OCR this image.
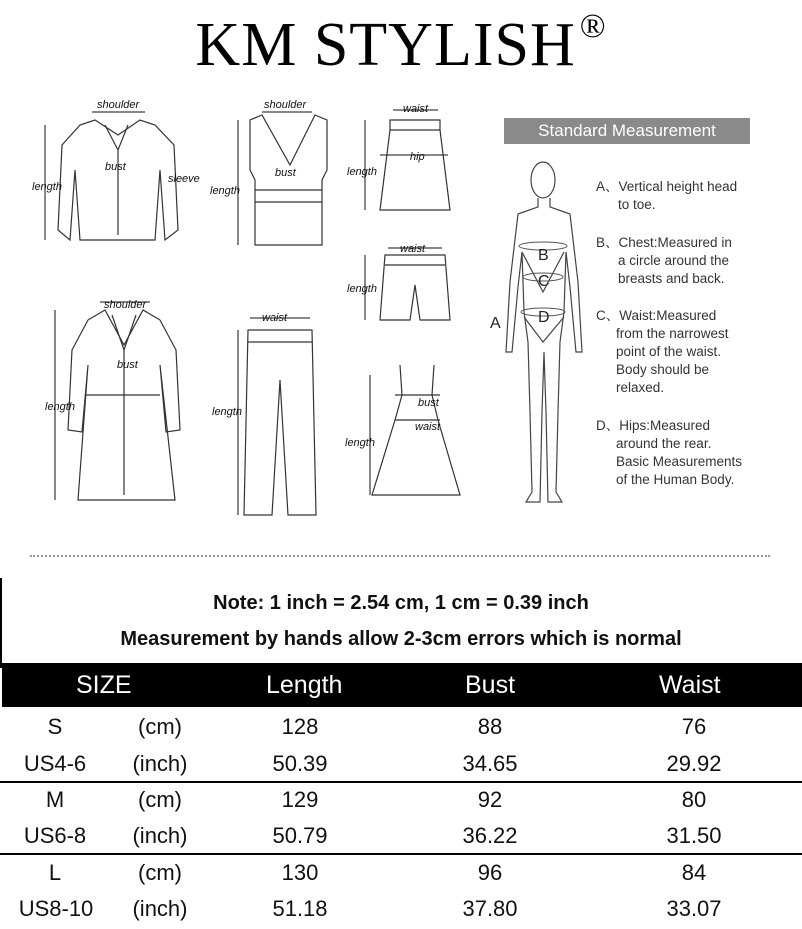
KM STYLISH ®
shoulder
bust
sleeve
length
shoulder
bust
length
waist
hip
length
waist
length
shoulder
bust
length
waist
length
bust
waist
length
Standard Measurement
A
B
C
D
A、Vertical height head
to toe.
B、Chest:Measured in
a circle around the
breasts and back.
C、Waist:Measured
from the narrowest
point of the waist.
Body should be
relaxed.
D、Hips:Measured
around the rear.
Basic Measurements
of the Human Body.
Note: 1 inch = 2.54 cm, 1 cm = 0.39 inch
Measurement by hands allow 2-3cm errors which is normal
SIZE	Length	Bust	Waist
S	(cm)	128	88	76
US4-6	(inch)	50.39	34.65	29.92
M	(cm)	129	92	80
US6-8	(inch)	50.79	36.22	31.50
L	(cm)	130	96	84
US8-10	(inch)	51.18	37.80	33.07
